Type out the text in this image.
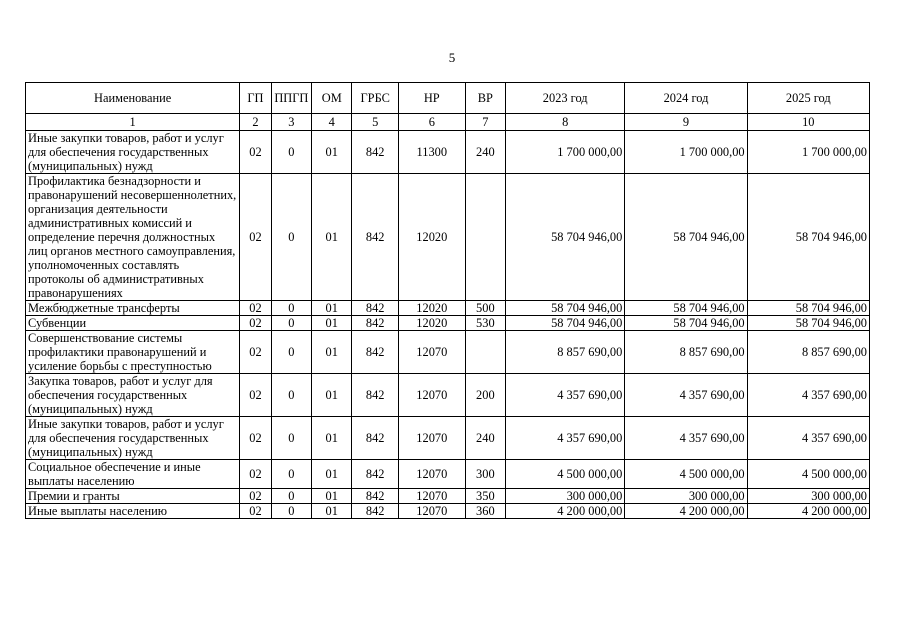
5
Наименование	ГП	ППГП	ОМ	ГРБС	НР	ВР	2023 год	2024 год	2025 год
1	2	3	4	5	6	7	8	9	10
Иные закупки товаров, работ и услуг для обеспечения государственных (муниципальных) нужд	02	0	01	842	11300	240	1 700 000,00	1 700 000,00	1 700 000,00
Профилактика безнадзорности и правонарушений несовершеннолетних, организация деятельности административных комиссий и определение перечня должностных лиц органов местного самоуправления, уполномоченных составлять протоколы об административных правонарушениях	02	0	01	842	12020		58 704 946,00	58 704 946,00	58 704 946,00
Межбюджетные трансферты	02	0	01	842	12020	500	58 704 946,00	58 704 946,00	58 704 946,00
Субвенции	02	0	01	842	12020	530	58 704 946,00	58 704 946,00	58 704 946,00
Совершенствование системы профилактики правонарушений и усиление борьбы с преступностью	02	0	01	842	12070		8 857 690,00	8 857 690,00	8 857 690,00
Закупка товаров, работ и услуг для обеспечения государственных (муниципальных) нужд	02	0	01	842	12070	200	4 357 690,00	4 357 690,00	4 357 690,00
Иные закупки товаров, работ и услуг для обеспечения государственных (муниципальных) нужд	02	0	01	842	12070	240	4 357 690,00	4 357 690,00	4 357 690,00
Социальное обеспечение и иные выплаты населению	02	0	01	842	12070	300	4 500 000,00	4 500 000,00	4 500 000,00
Премии и гранты	02	0	01	842	12070	350	300 000,00	300 000,00	300 000,00
Иные выплаты населению	02	0	01	842	12070	360	4 200 000,00	4 200 000,00	4 200 000,00
